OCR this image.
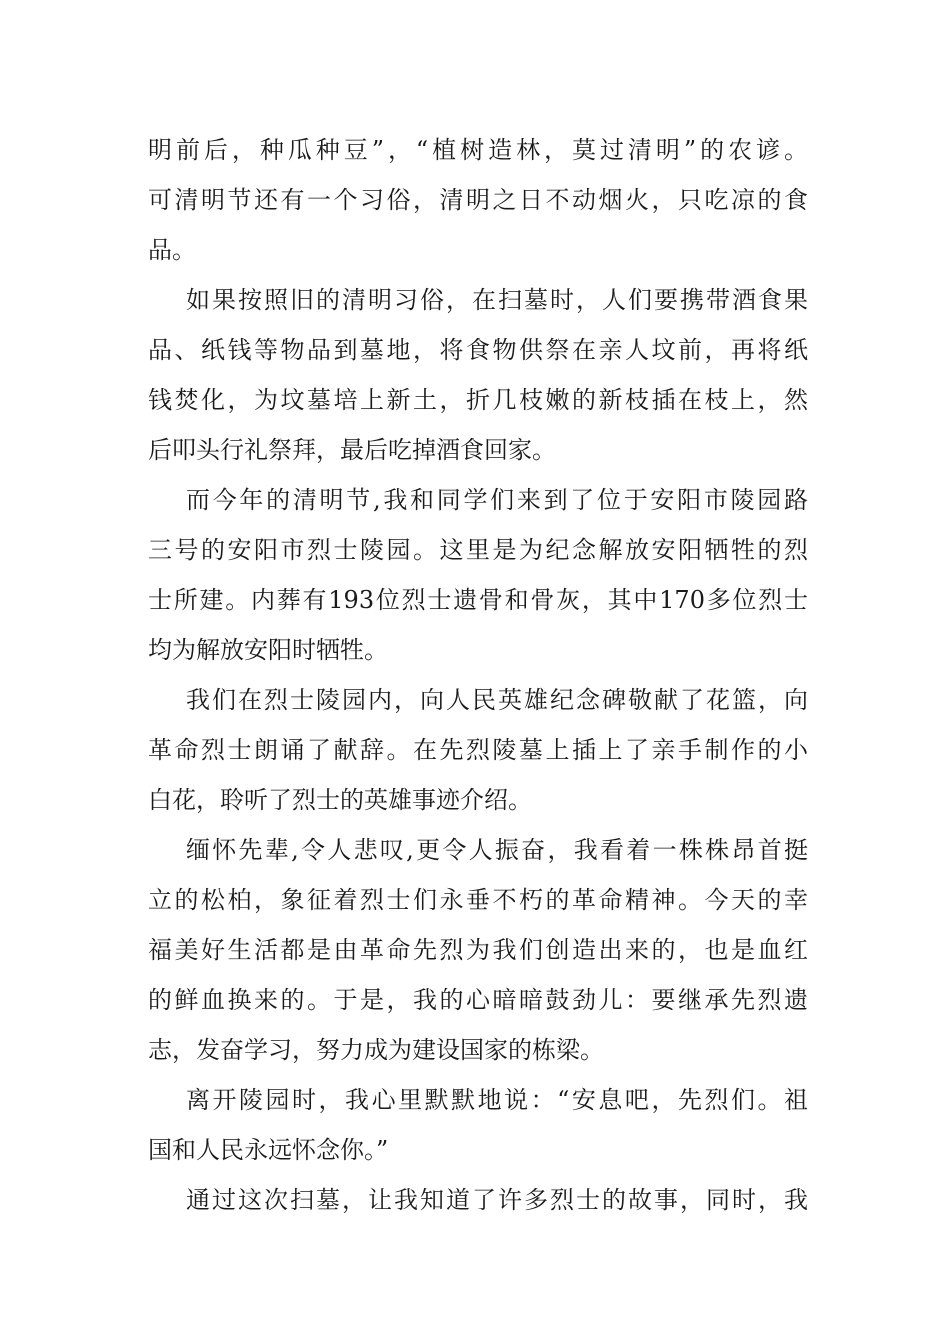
明前后，种瓜种豆”，“植树造林，莫过清明”的农谚。
可清明节还有一个习俗，清明之日不动烟火，只吃凉的食
品。
如果按照旧的清明习俗，在扫墓时，人们要携带酒食果
品、纸钱等物品到墓地，将食物供祭在亲人坟前，再将纸
钱焚化，为坟墓培上新土，折几枝嫩的新枝插在枝上，然
后叩头行礼祭拜，最后吃掉酒食回家。
而今年的清明节,我和同学们来到了位于安阳市陵园路
三号的安阳市烈士陵园。这里是为纪念解放安阳牺牲的烈
士所建。内葬有193位烈士遗骨和骨灰，其中170多位烈士
均为解放安阳时牺牲。
我们在烈士陵园内，向人民英雄纪念碑敬献了花篮，向
革命烈士朗诵了献辞。在先烈陵墓上插上了亲手制作的小
白花，聆听了烈士的英雄事迹介绍。
缅怀先辈,令人悲叹,更令人振奋，我看着一株株昂首挺
立的松柏，象征着烈士们永垂不朽的革命精神。今天的幸
福美好生活都是由革命先烈为我们创造出来的，也是血红
的鲜血换来的。于是，我的心暗暗鼓劲儿：要继承先烈遗
志，发奋学习，努力成为建设国家的栋梁。
离开陵园时，我心里默默地说：“安息吧，先烈们。祖
国和人民永远怀念你。”
通过这次扫墓，让我知道了许多烈士的故事，同时，我
